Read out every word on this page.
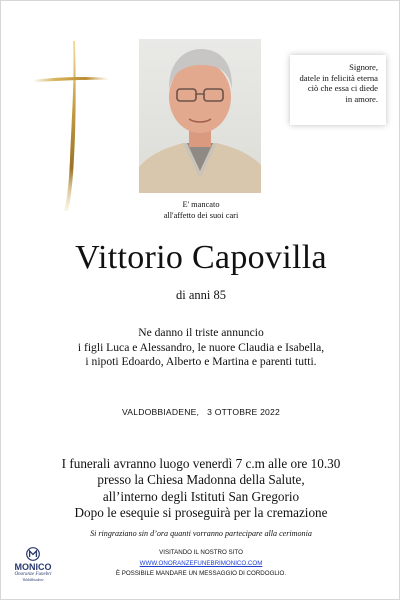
Signore,
datele in felicità eterna
ciò che essa ci diede
in amore.
E' mancato
all'affetto dei suoi cari
Vittorio Capovilla
di anni 85
Ne danno il triste annuncio
i figli Luca e Alessandro, le nuore Claudia e Isabella,
i nipoti Edoardo, Alberto e Martina e parenti tutti.
VALDOBBIADENE, 3 OTTOBRE 2022
I funerali avranno luogo venerdì 7 c.m alle ore 10.30
presso la Chiesa Madonna della Salute,
all’interno degli Istituti San Gregorio
Dopo le esequie si proseguirà per la cremazione
Si ringraziano sin d’ora quanti vorranno partecipare alla cerimonia
MONICO
Onoranze Funebri
Valdobbiadene
VISITANDO IL NOSTRO SITO
WWW.ONORANZEFUNEBRIMONICO.COM
È POSSIBILE MANDARE UN MESSAGGIO DI CORDOGLIO.
